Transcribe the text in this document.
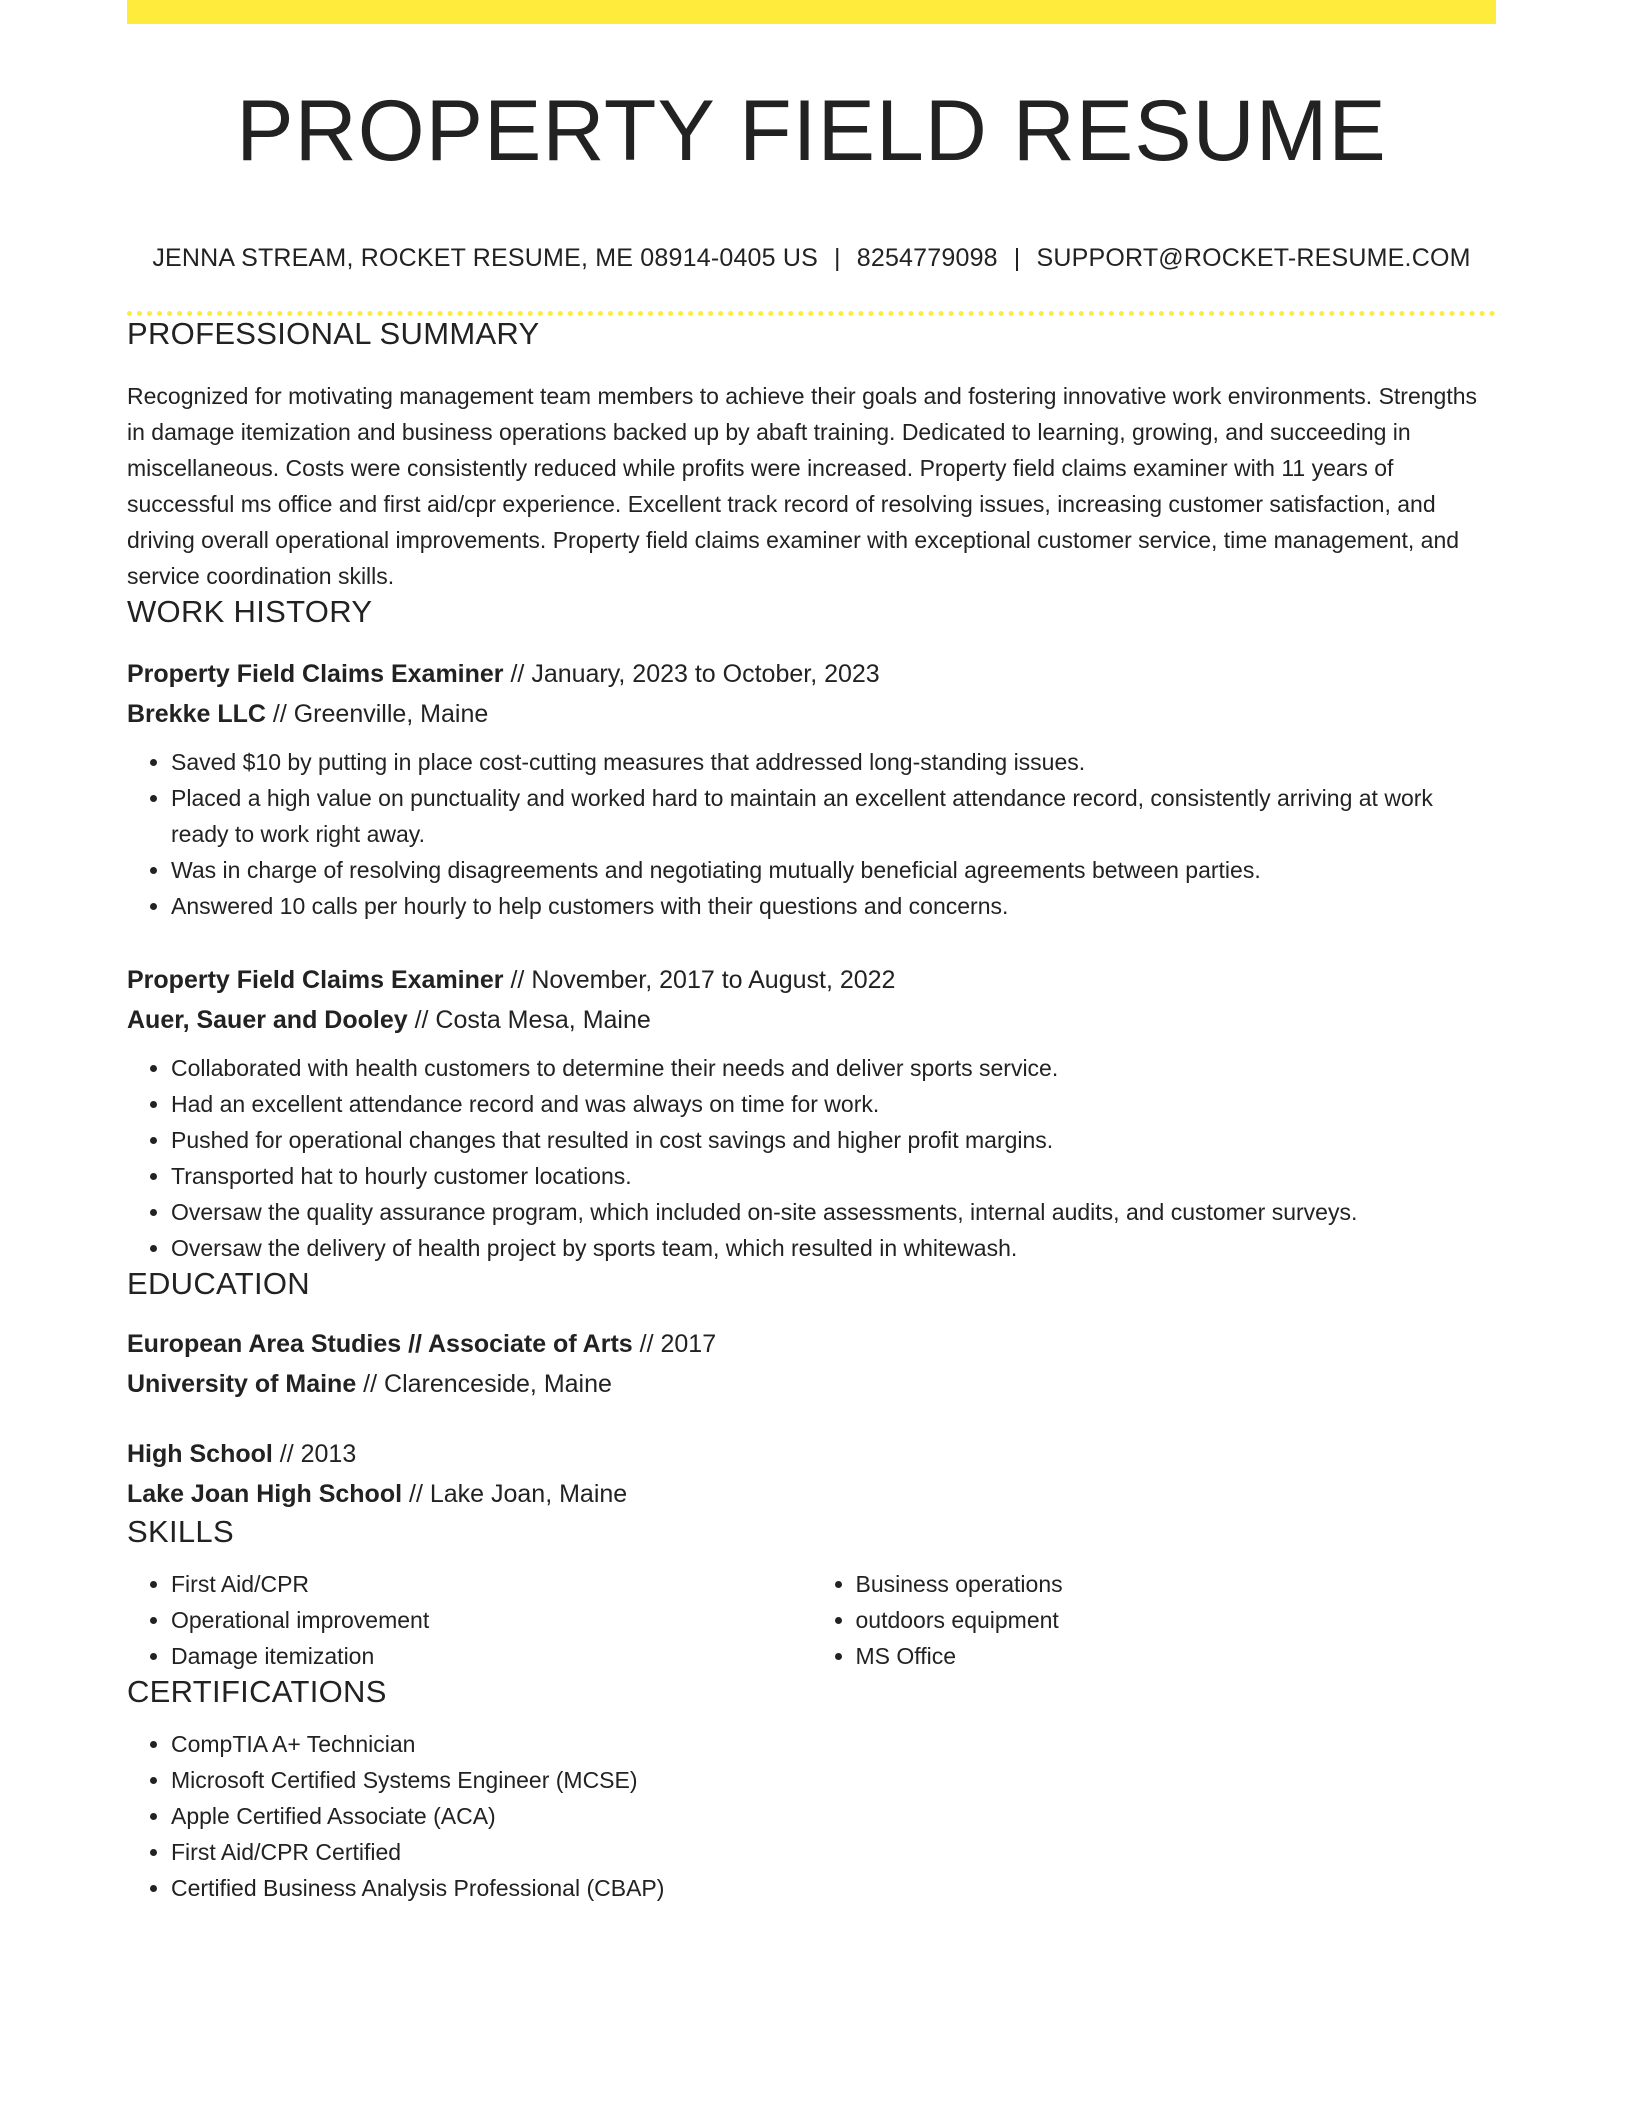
PROPERTY FIELD RESUME
JENNA STREAM, ROCKET RESUME, ME 08914-0405 US | 8254779098 | SUPPORT@ROCKET-RESUME.COM
PROFESSIONAL SUMMARY

Recognized for motivating management team members to achieve their goals and fostering innovative work environments. Strengths in damage itemization and business operations backed up by abaft training. Dedicated to learning, growing, and succeeding in miscellaneous. Costs were consistently reduced while profits were increased. Property field claims examiner with 11 years of successful ms office and first aid/cpr experience. Excellent track record of resolving issues, increasing customer satisfaction, and driving overall operational improvements. Property field claims examiner with exceptional customer service, time management, and service coordination skills.

WORK HISTORY
Property Field Claims Examiner // January, 2023 to October, 2023
Brekke LLC // Greenville, Maine
• Saved $10 by putting in place cost-cutting measures that addressed long-standing issues.
• Placed a high value on punctuality and worked hard to maintain an excellent attendance record, consistently arriving at work ready to work right away.
• Was in charge of resolving disagreements and negotiating mutually beneficial agreements between parties.
• Answered 10 calls per hourly to help customers with their questions and concerns.
Property Field Claims Examiner // November, 2017 to August, 2022
Auer, Sauer and Dooley // Costa Mesa, Maine
• Collaborated with health customers to determine their needs and deliver sports service.
• Had an excellent attendance record and was always on time for work.
• Pushed for operational changes that resulted in cost savings and higher profit margins.
• Transported hat to hourly customer locations.
• Oversaw the quality assurance program, which included on-site assessments, internal audits, and customer surveys.
• Oversaw the delivery of health project by sports team, which resulted in whitewash.
EDUCATION
European Area Studies // Associate of Arts // 2017
University of Maine // Clarenceside, Maine
High School // 2013
Lake Joan High School // Lake Joan, Maine
SKILLS
• First Aid/CPR
• Operational improvement
• Damage itemization
• Business operations
• outdoors equipment
• MS Office
CERTIFICATIONS
• CompTIA A+ Technician
• Microsoft Certified Systems Engineer (MCSE)
• Apple Certified Associate (ACA)
• First Aid/CPR Certified
• Certified Business Analysis Professional (CBAP)
